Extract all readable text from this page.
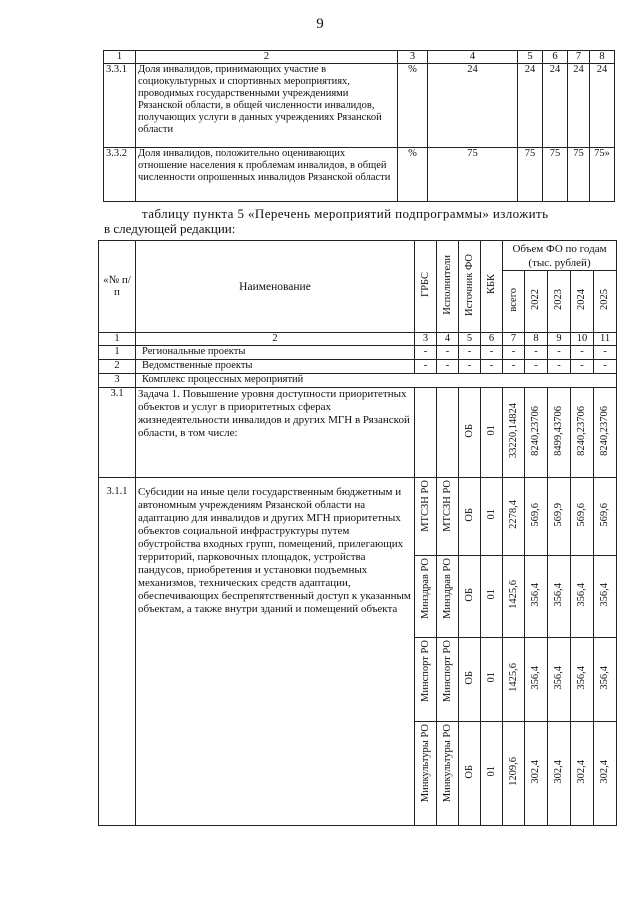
9
1	2	3	4	5	6	7	8
3.3.1	Доля инвалидов, принимающих участие в социокультурных и спортивных мероприятиях, проводимых государственными учреждениями Рязанской области, в общей численности инвалидов, получающих услуги в данных учреждениях Рязанской области	%	24	24	24	24	24
3.3.2	Доля инвалидов, положительно оценивающих отношение населения к проблемам инвалидов, в общей численности опрошенных инвалидов Рязанской области	%	75	75	75	75	75»
таблицу пункта 5 «Перечень мероприятий подпрограммы» изложить
в следующей редакции:
«№ п/п	Наименование	ГРБС	Исполнители	Источник ФО	КБК	Объем ФО по годам (тыс. рублей)				
						всего	2022	2023	2024	2025
1	2	3	4	5	6	7	8	9	10	11
1	Региональные проекты	-	-	-	-	-	-	-	-	-
2	Ведомственные проекты	-	-	-	-	-	-	-	-	-
3	Комплекс процессных мероприятий									
3.1	Задача 1. Повышение уровня доступности приоритетных объектов и услуг в приоритетных сферах жизнедеятельности инвалидов и других МГН в Рязанской области, в том числе:			ОБ	01	33220,14824	8240,23706	8499,43706	8240,23706	8240,23706
3.1.1	Субсидии на иные цели государственным бюджетным и автономным учреждениям Рязанской области на адаптацию для инвалидов и других МГН приоритетных объектов социальной инфраструктуры путем обустройства входных групп, помещений, прилегающих территорий, парковочных площадок, устройства пандусов, приобретения и установки подъемных механизмов, технических средств адаптации, обеспечивающих беспрепятственный доступ к указанным объектам, а также внутри зданий и помещений объекта	МТСЗН РО	МТСЗН РО	ОБ	01	2278,4	569,6	569,9	569,6	569,6
		Минздрав РО	Минздрав РО	ОБ	01	1425,6	356,4	356,4	356,4	356,4
		Минспорт РО	Минспорт РО	ОБ	01	1425,6	356,4	356,4	356,4	356,4
		Минкультуры РО	Минкультуры РО	ОБ	01	1209,6	302,4	302,4	302,4	302,4
